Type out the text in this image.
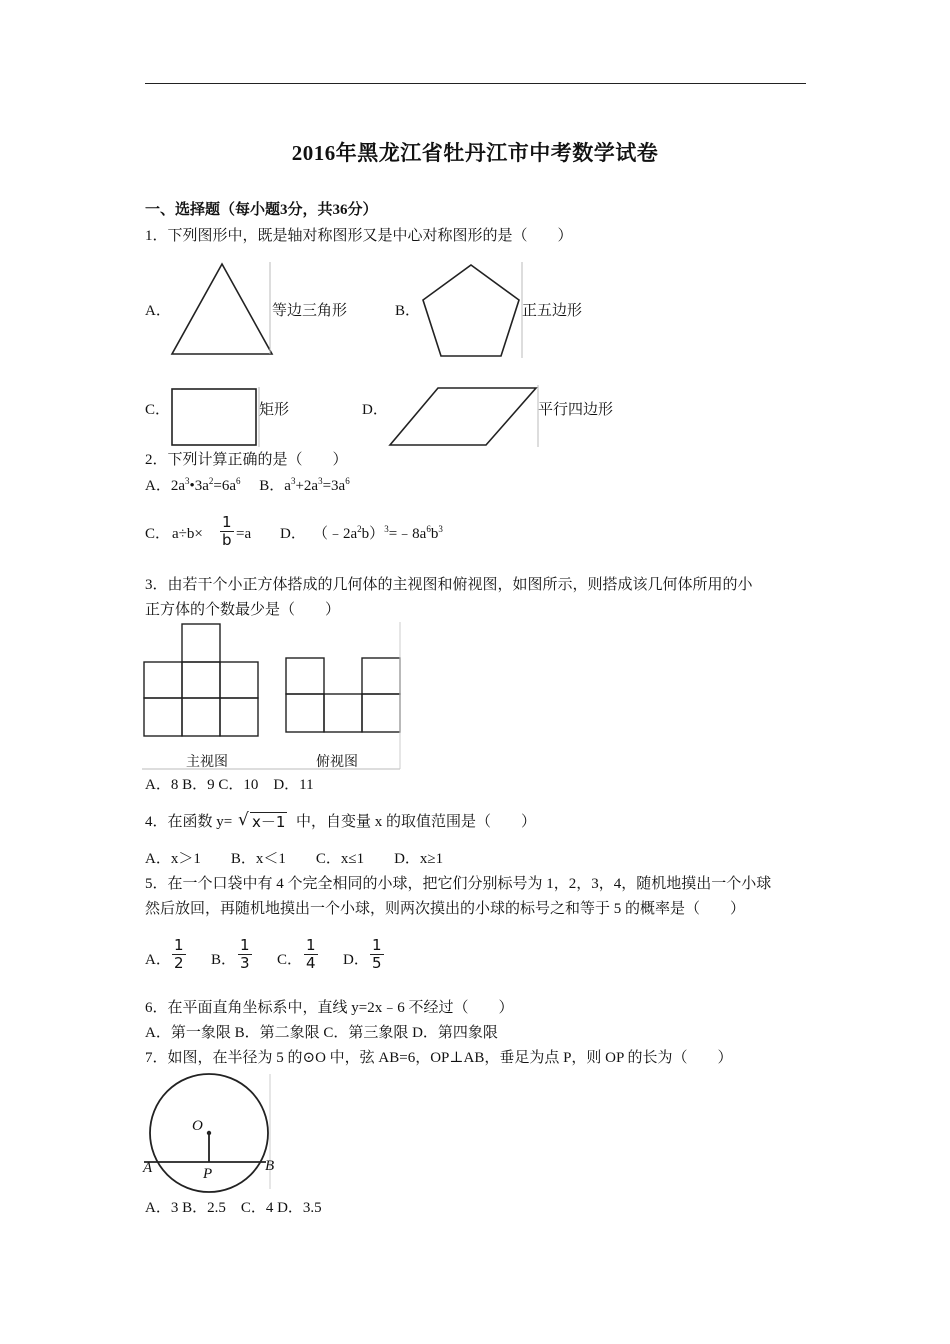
2016年黑龙江省牡丹江市中考数学试卷
一、选择题（每小题3分，共36分）
1．下列图形中，既是轴对称图形又是中心对称图形的是（　　）
A．	等边三角形	B．	正五边形
C．	矩形	D．	平行四边形
2．下列计算正确的是（　　）
A．$2a^3•3a^2=6a^6$　 B．$a^3+2a^3=3a^6$
C． $a\div b\times \frac{1}{b} =a$ D． $(﹣2a^2b)^3=﹣8a^6b^3$
3．由若干个小正方体搭成的几何体的主视图和俯视图，如图所示，则搭成该几何体所用的小
正方体的个数最少是（　　）
主视图	俯视图
A．8 B．9 C．10　D．11
4．在函数 y= √ x－1 中，自变量 x 的取值范围是（　　）
A．x＞1　　B．x＜1　　C．x≤1　　D．x≥1
5．在一个口袋中有 4 个完全相同的小球，把它们分别标号为 1，2，3，4，随机地摸出一个小球
然后放回，再随机地摸出一个小球，则两次摸出的小球的标号之和等于 5 的概率是（　　）
A． $\frac{1}{2}$ B． $\frac{1}{3}$ C． $\frac{1}{4}$ D． $\frac{1}{5}$
6．在平面直角坐标系中，直线 y=2x﹣6 不经过（　　）
A．第一象限 B．第二象限 C．第三象限 D．第四象限
7．如图，在半径为 5 的⊙O 中，弦 AB=6，OP⊥AB，垂足为点 P，则 OP 的长为（　　）
O
A	B
P
A．3 B．2.5　C．4 D．3.5
